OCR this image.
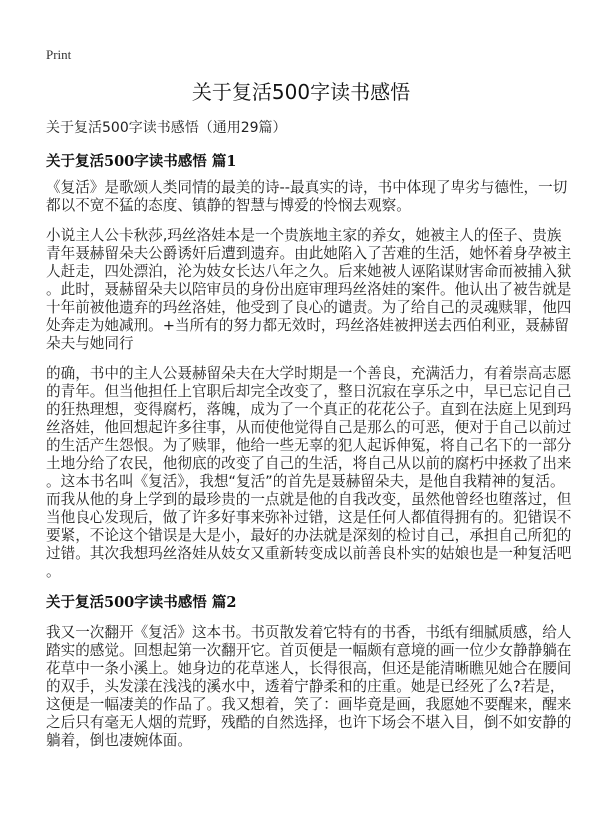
Print
关于复活500字读书感悟
关于复活500字读书感悟（通用29篇）
关于复活500字读书感悟 篇1
《复活》是歌颂人类同情的最美的诗--最真实的诗，书中体现了卑劣与德性，一切
都以不宽不猛的态度、镇静的智慧与博爱的怜悯去观察。
小说主人公卡秋莎,玛丝洛娃本是一个贵族地主家的养女，她被主人的侄子、贵族
青年聂赫留朵夫公爵诱奸后遭到遗弃。由此她陷入了苦难的生活，她怀着身孕被主
人赶走，四处漂泊，沦为妓女长达八年之久。后来她被人诬陷谋财害命而被捕入狱
。此时，聂赫留朵夫以陪审员的身份出庭审理玛丝洛娃的案件。他认出了被告就是
十年前被他遗弃的玛丝洛娃，他受到了良心的谴责。为了给自己的灵魂赎罪，他四
处奔走为她减刑。+当所有的努力都无效时，玛丝洛娃被押送去西伯利亚，聂赫留
朵夫与她同行
的确，书中的主人公聂赫留朵夫在大学时期是一个善良，充满活力，有着崇高志愿
的青年。但当他担任上官职后却完全改变了，整日沉寂在享乐之中，早已忘记自己
的狂热理想，变得腐朽，落魄，成为了一个真正的花花公子。直到在法庭上见到玛
丝洛娃，他回想起许多往事，从而使他觉得自己是那么的可恶，便对于自己以前过
的生活产生怨恨。为了赎罪，他给一些无辜的犯人起诉伸冤，将自己名下的一部分
土地分给了农民，他彻底的改变了自己的生活，将自己从以前的腐朽中拯救了出来
。这本书名叫《复活》，我想“复活”的首先是聂赫留朵夫，是他自我精神的复活。
而我从他的身上学到的最珍贵的一点就是他的自我改变，虽然他曾经也堕落过，但
当他良心发现后，做了许多好事来弥补过错，这是任何人都值得拥有的。犯错误不
要紧，不论这个错误是大是小，最好的办法就是深刻的检讨自己，承担自己所犯的
过错。其次我想玛丝洛娃从妓女又重新转变成以前善良朴实的姑娘也是一种复活吧
。
关于复活500字读书感悟 篇2
我又一次翻开《复活》这本书。书页散发着它特有的书香，书纸有细腻质感，给人
踏实的感觉。回想起第一次翻开它。首页便是一幅颇有意境的画一位少女静静躺在
花草中一条小溪上。她身边的花草迷人，长得很高，但还是能清晰瞧见她合在腰间
的双手，头发漾在浅浅的溪水中，透着宁静柔和的庄重。她是已经死了么?若是，
这便是一幅凄美的作品了。我又想着，笑了：画毕竟是画，我愿她不要醒来，醒来
之后只有毫无人烟的荒野，残酷的自然选择，也许下场会不堪入目，倒不如安静的
躺着，倒也凄婉体面。
